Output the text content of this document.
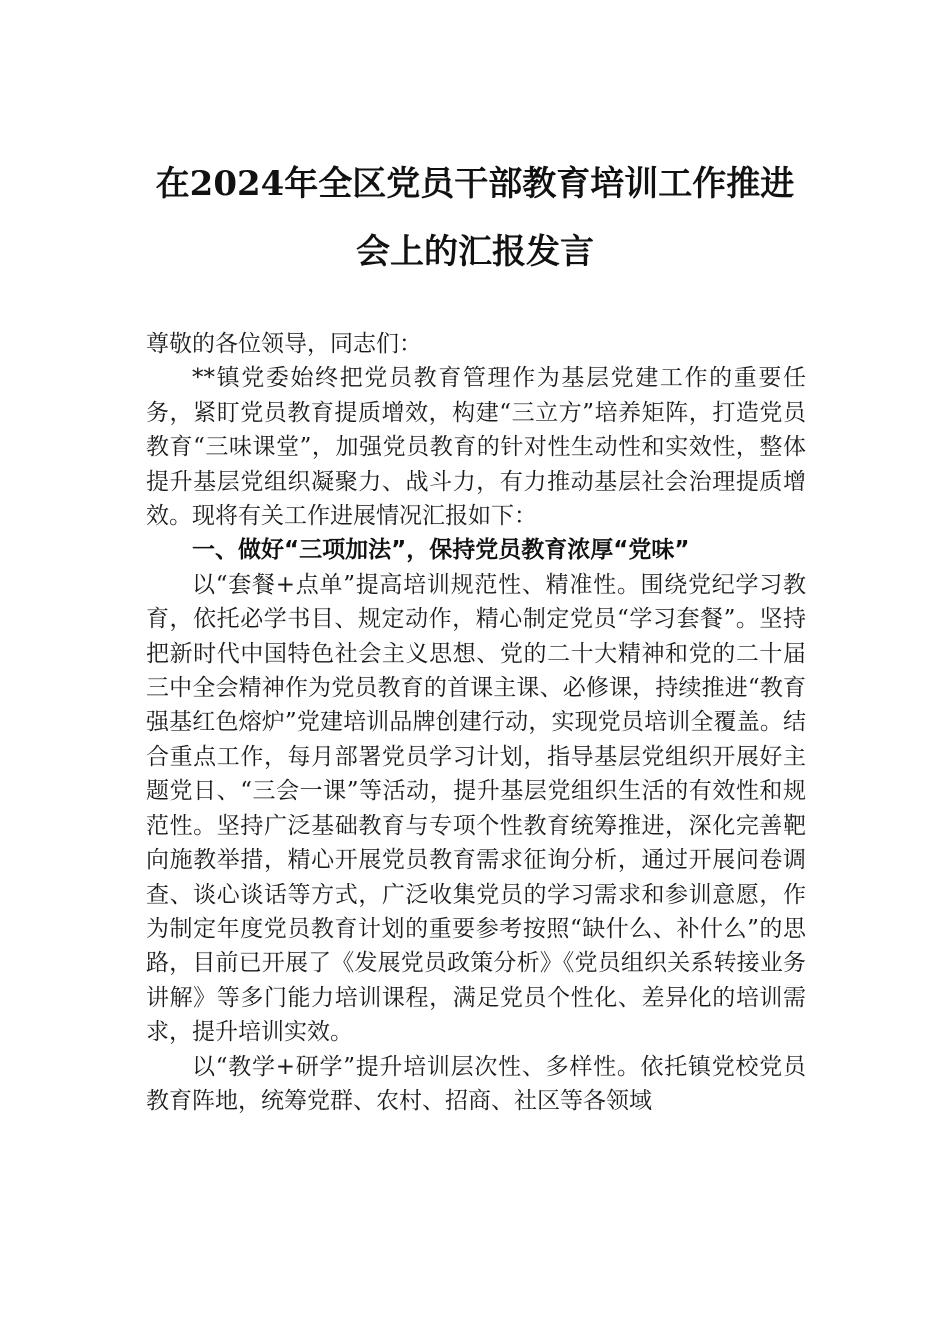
在2024年全区党员干部教育培训工作推进
会上的汇报发言

尊敬的各位领导，同志们：

**镇党委始终把党员教育管理作为基层党建工作的重要任务，紧盯党员教育提质增效，构建“三立方”培养矩阵，打造党员教育“三味课堂”，加强党员教育的针对性生动性和实效性，整体提升基层党组织凝聚力、战斗力，有力推动基层社会治理提质增效。现将有关工作进展情况汇报如下：

一、做好“三项加法”，保持党员教育浓厚“党味”

以“套餐+点单”提高培训规范性、精准性。围绕党纪学习教育，依托必学书目、规定动作，精心制定党员“学习套餐”。坚持把新时代中国特色社会主义思想、党的二十大精神和党的二十届三中全会精神作为党员教育的首课主课、必修课，持续推进“教育强基红色熔炉”党建培训品牌创建行动，实现党员培训全覆盖。结合重点工作，每月部署党员学习计划，指导基层党组织开展好主题党日、“三会一课”等活动，提升基层党组织生活的有效性和规范性。坚持广泛基础教育与专项个性教育统筹推进，深化完善靶向施教举措，精心开展党员教育需求征询分析，通过开展问卷调查、谈心谈话等方式，广泛收集党员的学习需求和参训意愿，作为制定年度党员教育计划的重要参考按照“缺什么、补什么”的思路，目前已开展了《发展党员政策分析》《党员组织关系转接业务讲解》等多门能力培训课程，满足党员个性化、差异化的培训需求，提升培训实效。

以“教学+研学”提升培训层次性、多样性。依托镇党校党员教育阵地，统筹党群、农村、招商、社区等各领域
